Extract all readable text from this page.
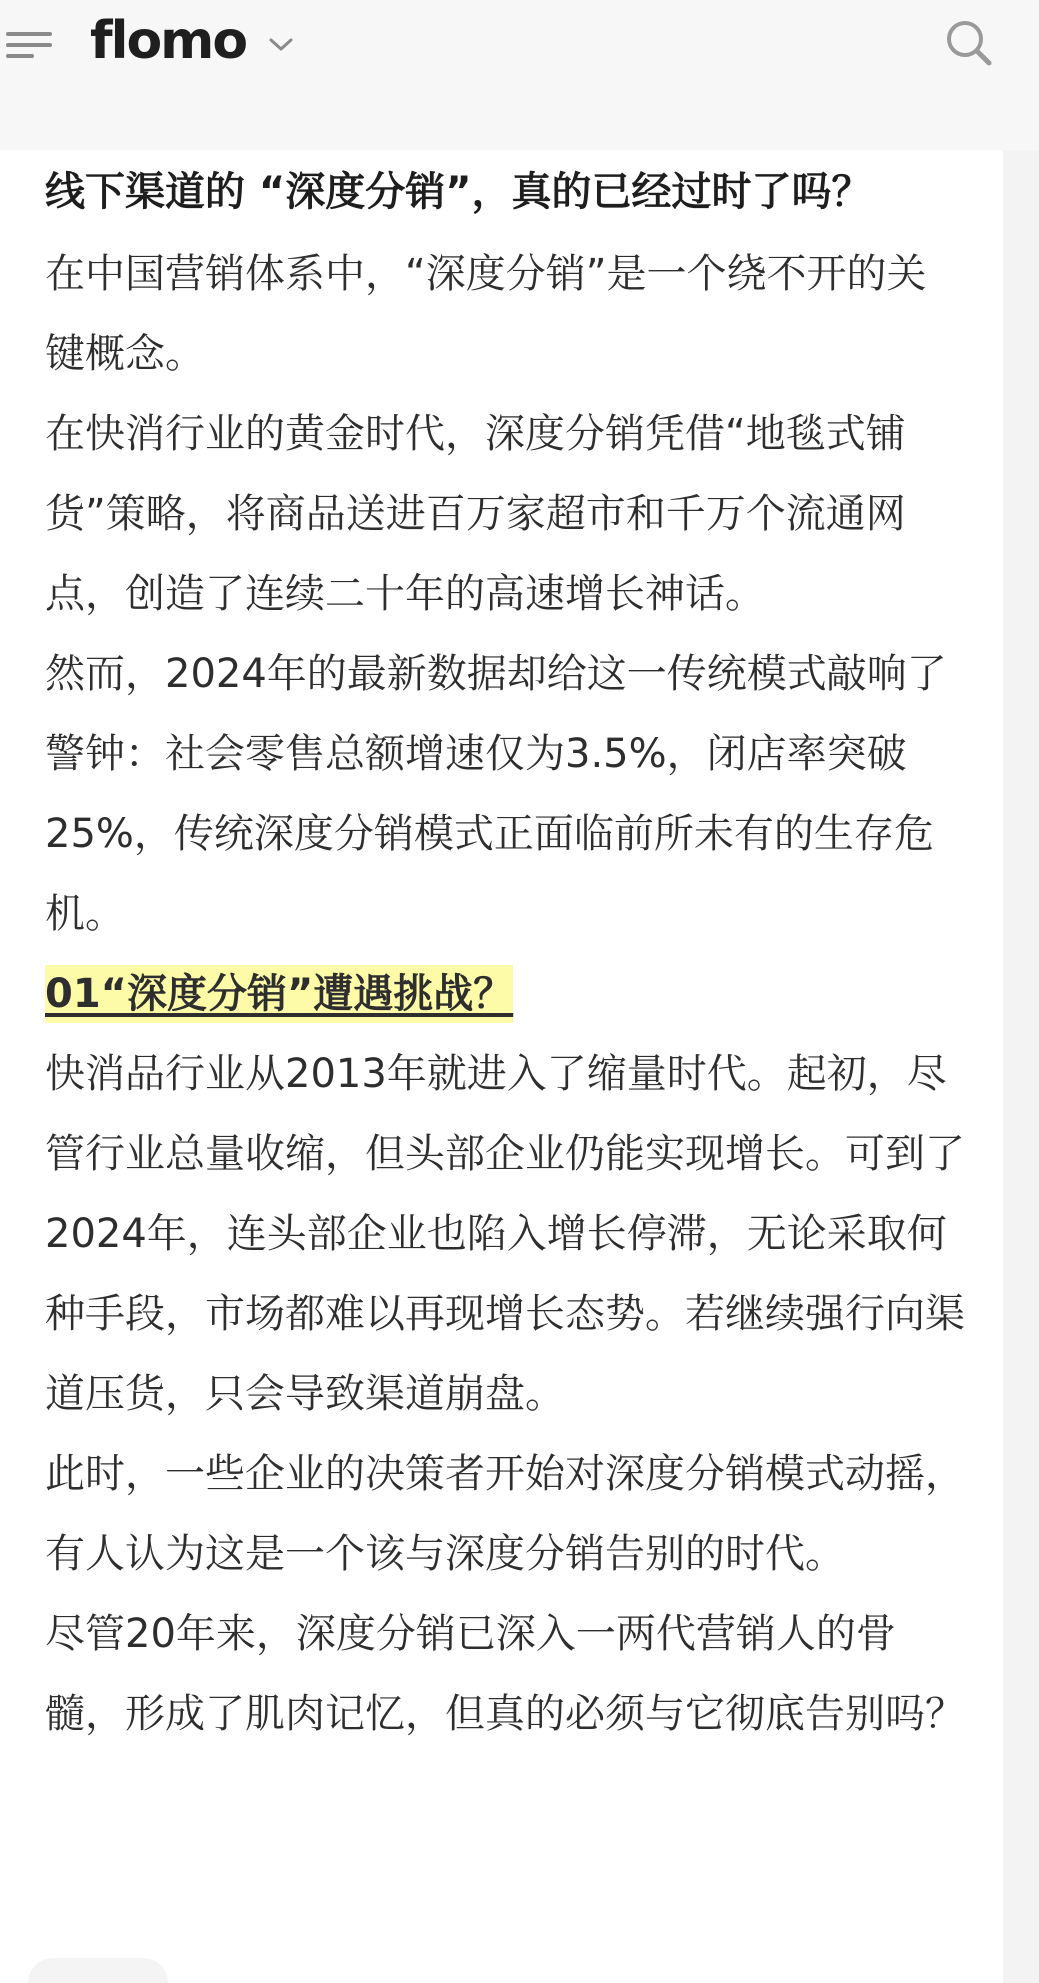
flomo

线下渠道的 “深度分销”，真的已经过时了吗？

在中国营销体系中，“深度分销”是一个绕不开的关键概念。

在快消行业的黄金时代，深度分销凭借“地毯式铺货”策略，将商品送进百万家超市和千万个流通网点，创造了连续二十年的高速增长神话。

然而，2024年的最新数据却给这一传统模式敲响了警钟：社会零售总额增速仅为3.5%，闭店率突破25%，传统深度分销模式正面临前所未有的生存危机。

01“深度分销”遭遇挑战？

快消品行业从2013年就进入了缩量时代。起初，尽管行业总量收缩，但头部企业仍能实现增长。可到了2024年，连头部企业也陷入增长停滞，无论采取何种手段，市场都难以再现增长态势。若继续强行向渠道压货，只会导致渠道崩盘。

此时，一些企业的决策者开始对深度分销模式动摇，有人认为这是一个该与深度分销告别的时代。

尽管20年来，深度分销已深入一两代营销人的骨髓，形成了肌肉记忆，但真的必须与它彻底告别吗？
